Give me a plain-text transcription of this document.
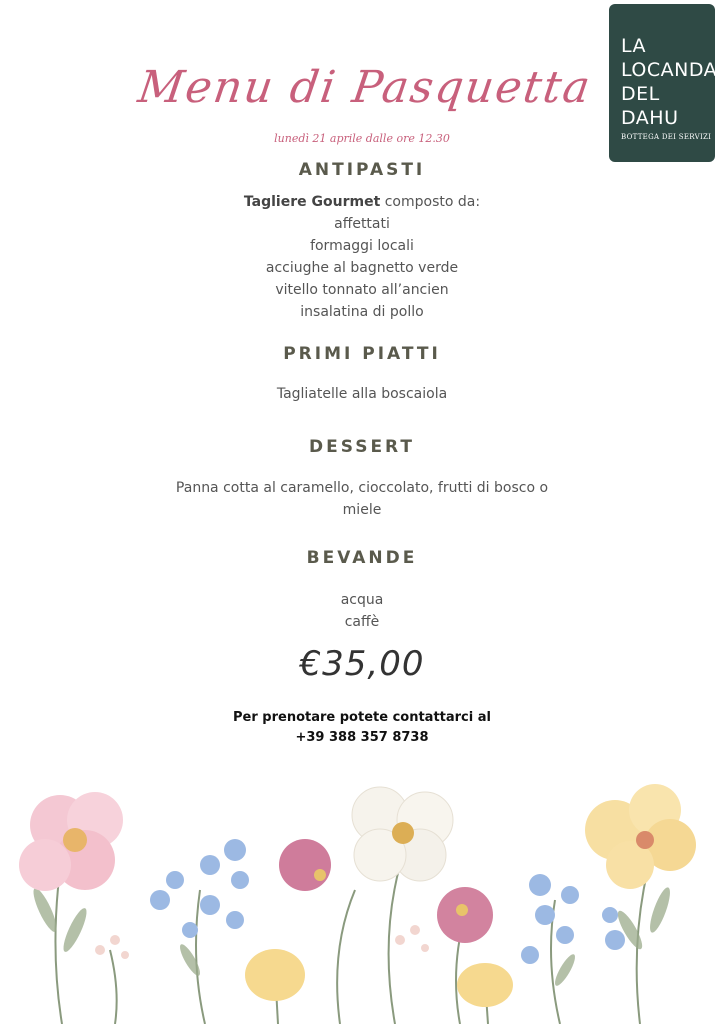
LA
LOCANDA
DEL
DAHU
BOTTEGA DEI SERVIZI
Menu di Pasquetta
lunedì 21 aprile dalle ore 12.30
ANTIPASTI
Tagliere Gourmet composto da:
affettati
formaggi locali
acciughe al bagnetto verde
vitello tonnato all’ancien
insalatina di pollo
PRIMI PIATTI
Tagliatelle alla boscaiola
DESSERT
Panna cotta al caramello, cioccolato, frutti di bosco o
miele
BEVANDE
acqua
caffè
€35,00
Per prenotare potete contattarci al
+39 388 357 8738
